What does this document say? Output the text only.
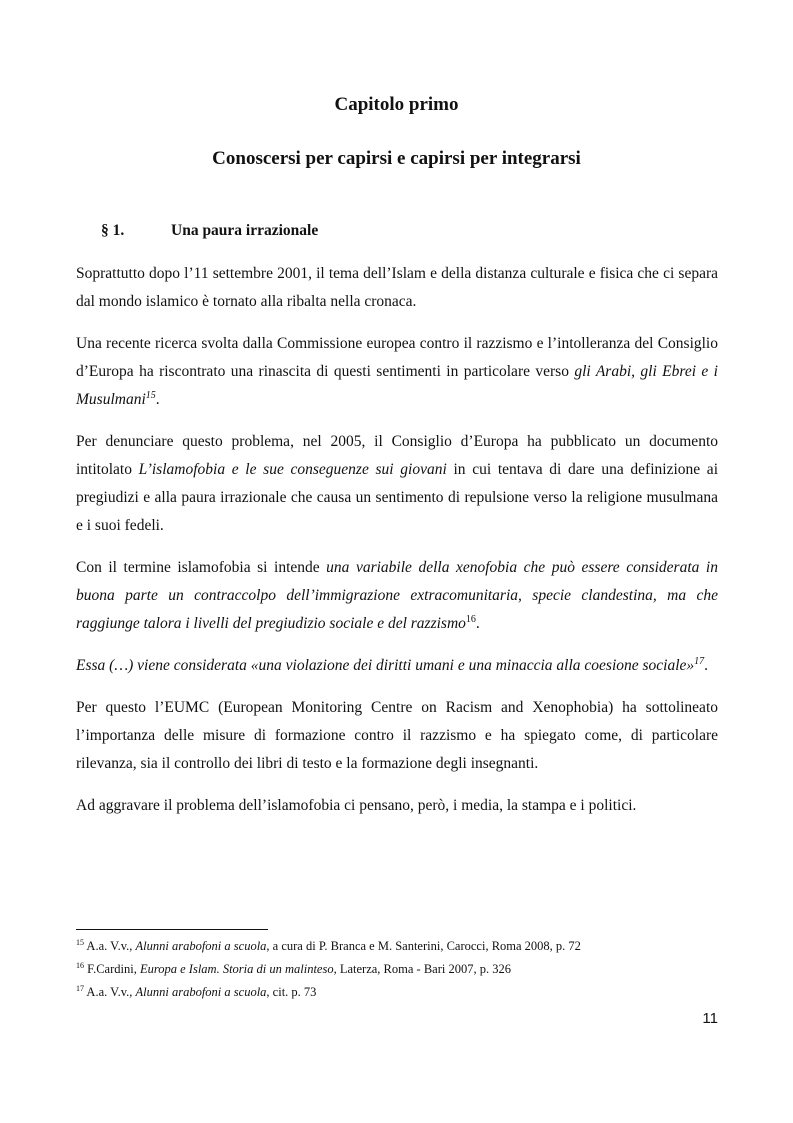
Capitolo primo
Conoscersi per capirsi e capirsi per integrarsi
§ 1.	Una paura irrazionale

Soprattutto dopo l’11 settembre 2001, il tema dell’Islam e della distanza culturale e fisica che ci separa dal mondo islamico è tornato alla ribalta nella cronaca.

Una recente ricerca svolta dalla Commissione europea contro il razzismo e l’intolleranza del Consiglio d’Europa ha riscontrato una rinascita di questi sentimenti in particolare verso gli Arabi, gli Ebrei e i Musulmani$^{15}$.

Per denunciare questo problema, nel 2005, il Consiglio d’Europa ha pubblicato un documento intitolato L’islamofobia e le sue conseguenze sui giovani in cui tentava di dare una definizione ai pregiudizi e alla paura irrazionale che causa un sentimento di repulsione verso la religione musulmana e i suoi fedeli.

Con il termine islamofobia si intende una variabile della xenofobia che può essere considerata in buona parte un contraccolpo dell’immigrazione extracomunitaria, specie clandestina, ma che raggiunge talora i livelli del pregiudizio sociale e del razzismo$^{16}$.

Essa (…) viene considerata «una violazione dei diritti umani e una minaccia alla coesione sociale»$^{17}$.

Per questo l’EUMC (European Monitoring Centre on Racism and Xenophobia) ha sottolineato l’importanza delle misure di formazione contro il razzismo e ha spiegato come, di particolare rilevanza, sia il controllo dei libri di testo e la formazione degli insegnanti.

Ad aggravare il problema dell’islamofobia ci pensano, però, i media, la stampa e i politici.

$^{15}$ A.a. V.v., Alunni arabofoni a scuola, a cura di P. Branca e M. Santerini, Carocci, Roma 2008, p. 72

$^{16}$ F.Cardini, Europa e Islam. Storia di un malinteso, Laterza, Roma - Bari 2007, p. 326

$^{17}$ A.a. V.v., Alunni arabofoni a scuola, cit. p. 73

11
